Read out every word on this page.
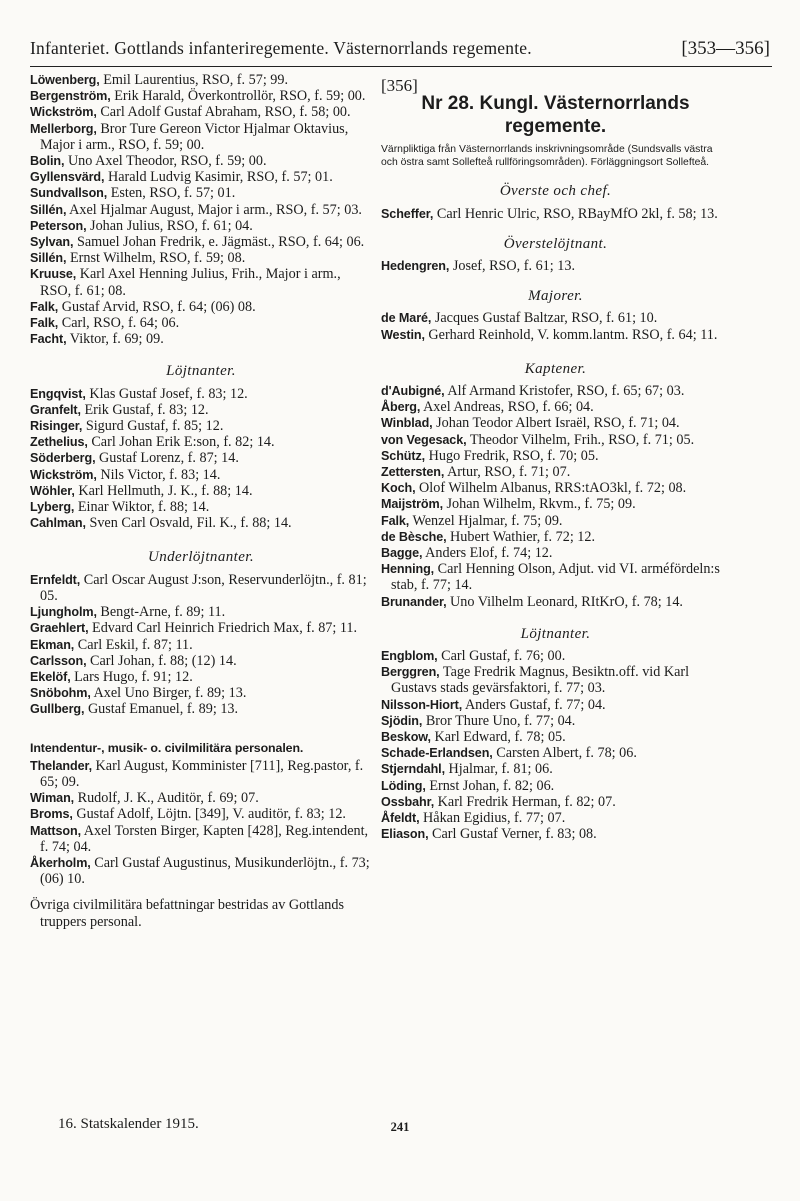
Infanteriet. Gottlands infanteriregemente. Västernorrlands regemente.	[353—356]

Löwenberg, Emil Laurentius, RSO, f. 57; 99.

Bergenström, Erik Harald, Överkontrollör, RSO, f. 59; 00.

Wickström, Carl Adolf Gustaf Abraham, RSO, f. 58; 00.

Mellerborg, Bror Ture Gereon Victor Hjalmar Oktavius, Major i arm., RSO, f. 59; 00.

Bolin, Uno Axel Theodor, RSO, f. 59; 00.

Gyllensvärd, Harald Ludvig Kasimir, RSO, f. 57; 01.

Sundvallson, Esten, RSO, f. 57; 01.

Sillén, Axel Hjalmar August, Major i arm., RSO, f. 57; 03.

Peterson, Johan Julius, RSO, f. 61; 04.

Sylvan, Samuel Johan Fredrik, e. Jägmäst., RSO, f. 64; 06.

Sillén, Ernst Wilhelm, RSO, f. 59; 08.

Kruuse, Karl Axel Henning Julius, Frih., Major i arm., RSO, f. 61; 08.

Falk, Gustaf Arvid, RSO, f. 64; (06) 08.

Falk, Carl, RSO, f. 64; 06.

Facht, Viktor, f. 69; 09.

Löjtnanter.

Engqvist, Klas Gustaf Josef, f. 83; 12.

Granfelt, Erik Gustaf, f. 83; 12.

Risinger, Sigurd Gustaf, f. 85; 12.

Zethelius, Carl Johan Erik E:son, f. 82; 14.

Söderberg, Gustaf Lorenz, f. 87; 14.

Wickström, Nils Victor, f. 83; 14.

Wöhler, Karl Hellmuth, J. K., f. 88; 14.

Lyberg, Einar Wiktor, f. 88; 14.

Cahlman, Sven Carl Osvald, Fil. K., f. 88; 14.

Underlöjtnanter.

Ernfeldt, Carl Oscar August J:son, Reservunderlöjtn., f. 81; 05.

Ljungholm, Bengt-Arne, f. 89; 11.

Graehlert, Edvard Carl Heinrich Friedrich Max, f. 87; 11.

Ekman, Carl Eskil, f. 87; 11.

Carlsson, Carl Johan, f. 88; (12) 14.

Ekelöf, Lars Hugo, f. 91; 12.

Snöbohm, Axel Uno Birger, f. 89; 13.

Gullberg, Gustaf Emanuel, f. 89; 13.

Intendentur-, musik- o. civilmilitära personalen.

Thelander, Karl August, Komminister [711], Reg.pastor, f. 65; 09.

Wiman, Rudolf, J. K., Auditör, f. 69; 07.

Broms, Gustaf Adolf, Löjtn. [349], V. auditör, f. 83; 12.

Mattson, Axel Torsten Birger, Kapten [428], Reg.intendent, f. 74; 04.

Åkerholm, Carl Gustaf Augustinus, Musikunderlöjtn., f. 73; (06) 10.

Övriga civilmilitära befattningar bestridas av Gottlands truppers personal.

[356]
Nr 28. Kungl. Västernorrlands regemente.

Värnpliktiga från Västernorrlands inskrivningsområde (Sundsvalls västra och östra samt Sollefteå rullföringsområden). Förläggningsort Sollefteå.

Överste och chef.

Scheffer, Carl Henric Ulric, RSO, RBayMfO 2kl, f. 58; 13.

Överstelöjtnant.

Hedengren, Josef, RSO, f. 61; 13.

Majorer.

de Maré, Jacques Gustaf Baltzar, RSO, f. 61; 10.

Westin, Gerhard Reinhold, V. komm.lantm. RSO, f. 64; 11.

Kaptener.

d'Aubigné, Alf Armand Kristofer, RSO, f. 65; 67; 03.

Åberg, Axel Andreas, RSO, f. 66; 04.

Winblad, Johan Teodor Albert Israël, RSO, f. 71; 04.

von Vegesack, Theodor Vilhelm, Frih., RSO, f. 71; 05.

Schütz, Hugo Fredrik, RSO, f. 70; 05.

Zettersten, Artur, RSO, f. 71; 07.

Koch, Olof Wilhelm Albanus, RRS:tAO3kl, f. 72; 08.

Maijström, Johan Wilhelm, Rkvm., f. 75; 09.

Falk, Wenzel Hjalmar, f. 75; 09.

de Bèsche, Hubert Wathier, f. 72; 12.

Bagge, Anders Elof, f. 74; 12.

Henning, Carl Henning Olson, Adjut. vid VI. arméfördeln:s stab, f. 77; 14.

Brunander, Uno Vilhelm Leonard, RItKrO, f. 78; 14.

Löjtnanter.

Engblom, Carl Gustaf, f. 76; 00.

Berggren, Tage Fredrik Magnus, Besiktn.off. vid Karl Gustavs stads gevärsfaktori, f. 77; 03.

Nilsson-Hiort, Anders Gustaf, f. 77; 04.

Sjödin, Bror Thure Uno, f. 77; 04.

Beskow, Karl Edward, f. 78; 05.

Schade-Erlandsen, Carsten Albert, f. 78; 06.

Stjerndahl, Hjalmar, f. 81; 06.

Löding, Ernst Johan, f. 82; 06.

Ossbahr, Karl Fredrik Herman, f. 82; 07.

Åfeldt, Håkan Egidius, f. 77; 07.

Eliason, Carl Gustaf Verner, f. 83; 08.

16. Statskalender 1915.	241
